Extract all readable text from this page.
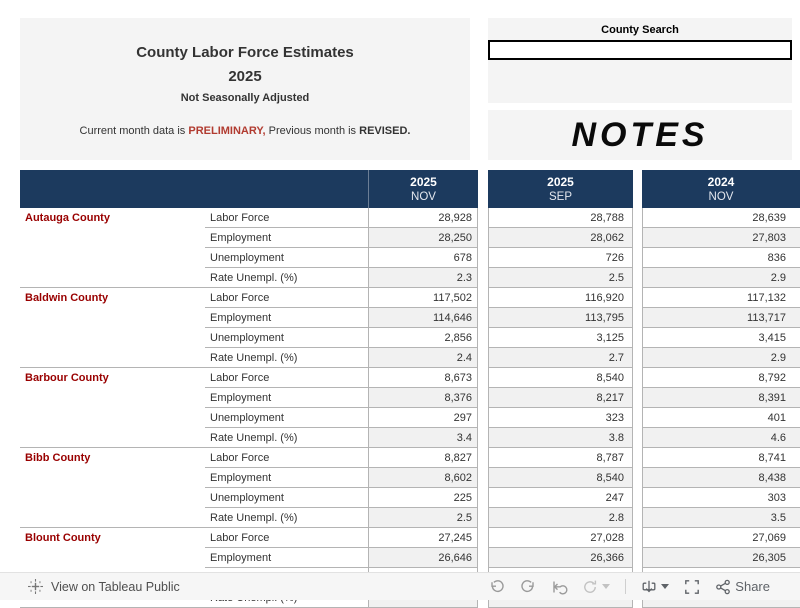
County Labor Force Estimates
2025
Not Seasonally Adjusted
Current month data is PRELIMINARY, Previous month is REVISED.
County Search
NOTES
2025
NOV
2025
SEP
2024
NOV
Autauga County	Labor Force	28,928	28,788	28,639
Employment	28,250	28,062	27,803
Unemployment	678	726	836
Rate Unempl. (%)	2.3	2.5	2.9
Baldwin County	Labor Force	117,502	116,920	117,132
Employment	114,646	113,795	113,717
Unemployment	2,856	3,125	3,415
Rate Unempl. (%)	2.4	2.7	2.9
Barbour County	Labor Force	8,673	8,540	8,792
Employment	8,376	8,217	8,391
Unemployment	297	323	401
Rate Unempl. (%)	3.4	3.8	4.6
Bibb County	Labor Force	8,827	8,787	8,741
Employment	8,602	8,540	8,438
Unemployment	225	247	303
Rate Unempl. (%)	2.5	2.8	3.5
Blount County	Labor Force	27,245	27,028	27,069
Employment	26,646	26,366	26,305
View on Tableau Public	Share
